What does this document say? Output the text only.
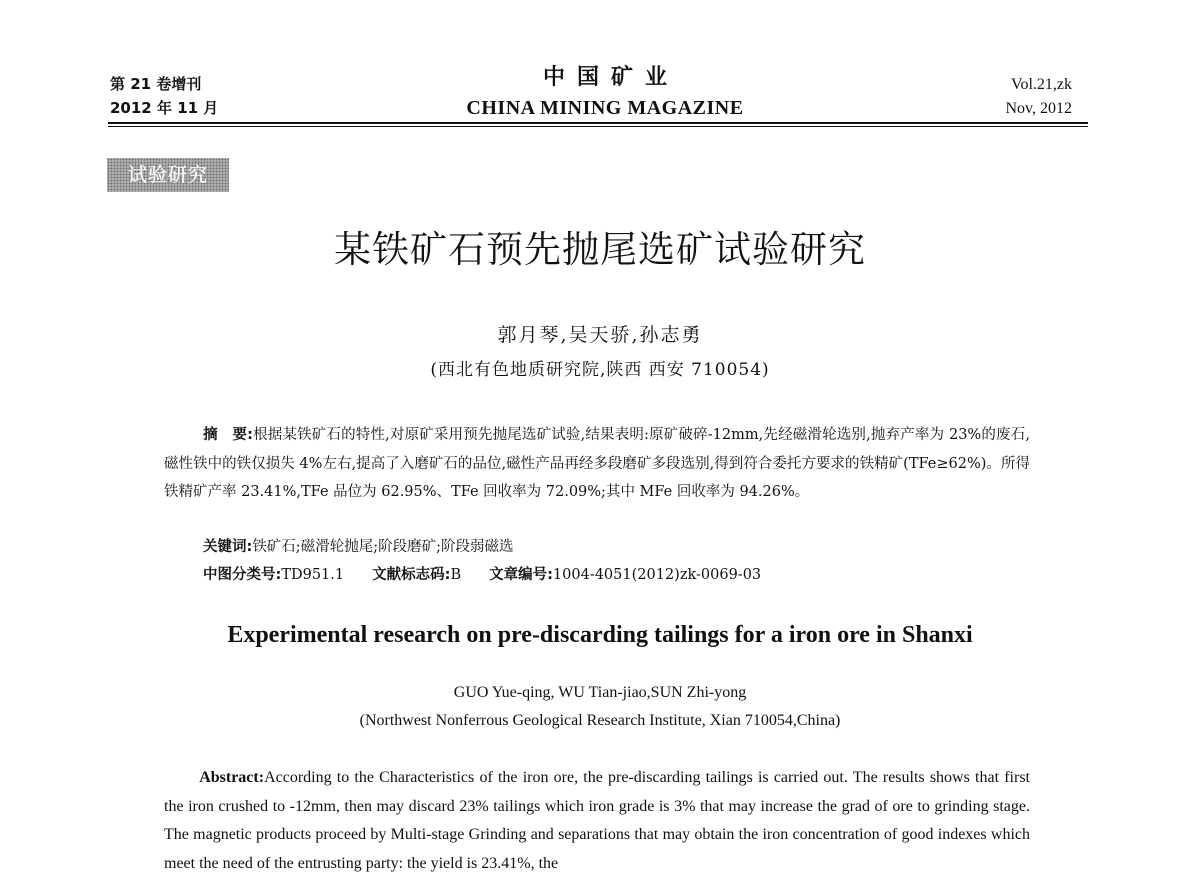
第 21 卷增刊
2012 年 11 月
中国矿业
CHINA MINING MAGAZINE
Vol.21,zk
Nov, 2012
试验研究
某铁矿石预先抛尾选矿试验研究
郭月琴,吴天骄,孙志勇
(西北有色地质研究院,陕西 西安 710054)
摘　要:根据某铁矿石的特性,对原矿采用预先抛尾选矿试验,结果表明:原矿破碎-12mm,先经磁滑轮选别,抛弃产率为 23%的废石,磁性铁中的铁仅损失 4%左右,提高了入磨矿石的品位,磁性产品再经多段磨矿多段选别,得到符合委托方要求的铁精矿(TFe≥62%)。所得铁精矿产率 23.41%,TFe 品位为 62.95%、TFe 回收率为 72.09%;其中 MFe 回收率为 94.26%。
关键词:铁矿石;磁滑轮抛尾;阶段磨矿;阶段弱磁选
中图分类号:TD951.1 文献标志码:B 文章编号:1004-4051(2012)zk-0069-03
Experimental research on pre-discarding tailings for a iron ore in Shanxi
GUO Yue-qing, WU Tian-jiao,SUN Zhi-yong
(Northwest Nonferrous Geological Research Institute, Xian 710054,China)
Abstract:According to the Characteristics of the iron ore, the pre-discarding tailings is carried out. The results shows that first the iron crushed to -12mm, then may discard 23% tailings which iron grade is 3% that may increase the grad of ore to grinding stage. The magnetic products proceed by Multi-stage Grinding and separations that may obtain the iron concentration of good indexes which meet the need of the entrusting party: the yield is 23.41%, the
